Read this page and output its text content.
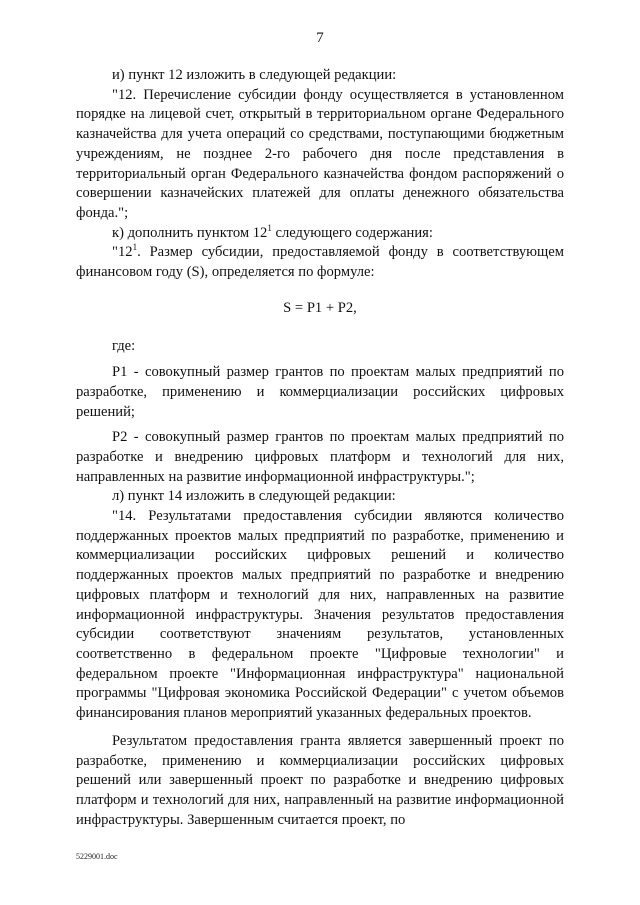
7

и) пункт 12 изложить в следующей редакции:

"12. Перечисление субсидии фонду осуществляется в установленном порядке на лицевой счет, открытый в территориальном органе Федерального казначейства для учета операций со средствами, поступающими бюджетным учреждениям, не позднее 2-го рабочего дня после представления в территориальный орган Федерального казначейства фондом распоряжений о совершении казначейских платежей для оплаты денежного обязательства фонда.";

к) дополнить пунктом $12^1$ следующего содержания:

"$12^1$. Размер субсидии, предоставляемой фонду в соответствующем финансовом году (S), определяется по формуле:

S = P1 + P2,

где:

P1 - совокупный размер грантов по проектам малых предприятий по разработке, применению и коммерциализации российских цифровых решений;

P2 - совокупный размер грантов по проектам малых предприятий по разработке и внедрению цифровых платформ и технологий для них, направленных на развитие информационной инфраструктуры.";

л) пункт 14 изложить в следующей редакции:

"14. Результатами предоставления субсидии являются количество поддержанных проектов малых предприятий по разработке, применению и коммерциализации российских цифровых решений и количество поддержанных проектов малых предприятий по разработке и внедрению цифровых платформ и технологий для них, направленных на развитие информационной инфраструктуры. Значения результатов предоставления субсидии соответствуют значениям результатов, установленных соответственно в федеральном проекте "Цифровые технологии" и федеральном проекте "Информационная инфраструктура" национальной программы "Цифровая экономика Российской Федерации" с учетом объемов финансирования планов мероприятий указанных федеральных проектов.

Результатом предоставления гранта является завершенный проект по разработке, применению и коммерциализации российских цифровых решений или завершенный проект по разработке и внедрению цифровых платформ и технологий для них, направленный на развитие информационной инфраструктуры. Завершенным считается проект, по

5229001.doc
